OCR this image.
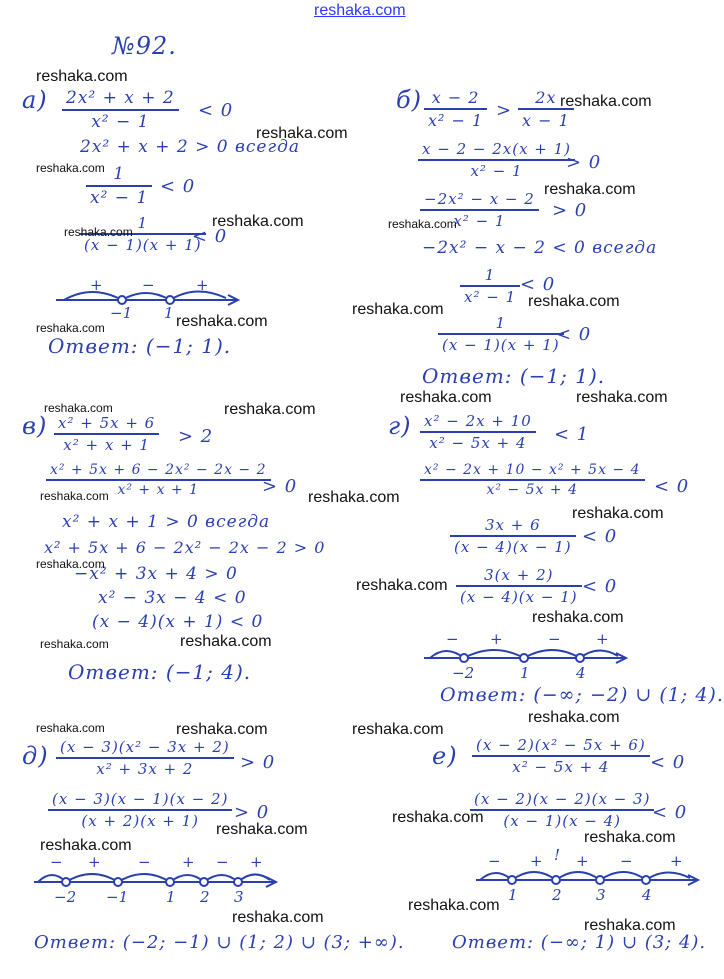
reshaka.com
№92.
$а) \frac{\text{2x² + x + 2}}{\text{x² − 1}} < 0$
2x² + x + 2 > 0 всегда
$\frac{1}{\text{x² − 1}} < 0$
$\frac{1}{(x - 1)(x + 1)}$
< 0
+	−	+
−1 1
Ответ: (−1; 1).
$б) \frac{x - 2}{\text{x² − 1}} > \frac{2x}{x - 1}$
$\frac{x - 2 - 2x(x + 1)}{\text{x² − 1}}$
> 0
$\frac{\text{−2x² − x − 2}}{\text{x² − 1}} > 0$
−2x² − x − 2 < 0 всегда
$\frac{1}{\text{x² − 1}} < 0$
$\frac{1}{(x - 1)(x + 1)}$
< 0
Ответ: (−1; 1).
$в) \frac{\text{x² + 5x + 6}}{\text{x² + x + 1}} > 2$
$\frac{\text{x² + 5x + 6 − 2x² − 2x − 2}}{\text{x² + x + 1}}$
> 0
x² + x + 1 > 0 всегда
x² + 5x + 6 − 2x² − 2x − 2 > 0
−x² + 3x + 4 > 0
x² − 3x − 4 < 0
(x − 4)(x + 1) < 0
Ответ: (−1; 4).
$г) \frac{\text{x² − 2x + 10}}{\text{x² − 5x + 4}} < 1$
$\frac{\text{x² − 2x + 10 − x² + 5x − 4}}{\text{x² − 5x + 4}} < 0$
$\frac{3x + 6}{(x - 4)(x - 1)} < 0$
$\frac{3(x + 2)}{(x - 4)(x - 1)} < 0$
− +	− +
−2	1	4
Ответ: (−∞; −2) ∪ (1; 4).
$д) \frac{\text{(x − 3)(x² − 3x + 2)}}{\text{x² + 3x + 2}} > 0$
$\frac{(x - 3)(x - 1)(x - 2)}{(x + 2)(x + 1)} > 0$
− + − + − +
−2 −1	1 2 3
Ответ: (−2; −1) ∪ (1; 2) ∪ (3; +∞).
$е) \frac{\text{(x − 2)(x² − 5x + 6)}}{\text{x² − 5x + 4}} < 0$
$\frac{(x - 2)(x - 2)(x - 3)}{(x - 1)(x - 4)}$
< 0
− + ! + − +
1 2 3 4
Ответ: (−∞; 1) ∪ (3; 4).
reshaka.com
reshaka.com
reshaka.com
reshaka.com
reshaka.com
reshaka.com
reshaka.com
reshaka.com
reshaka.com
reshaka.com
reshaka.com
reshaka.com
reshaka.com	reshaka.com
reshaka.com	reshaka.com
reshaka.com	reshaka.com
reshaka.com
reshaka.com
reshaka.com
reshaka.com
reshaka.com
reshaka.com
reshaka.com
reshaka.com	reshaka.com	reshaka.com
reshaka.com
reshaka.com	reshaka.com
reshaka.com
reshaka.com
reshaka.com	reshaka.com
